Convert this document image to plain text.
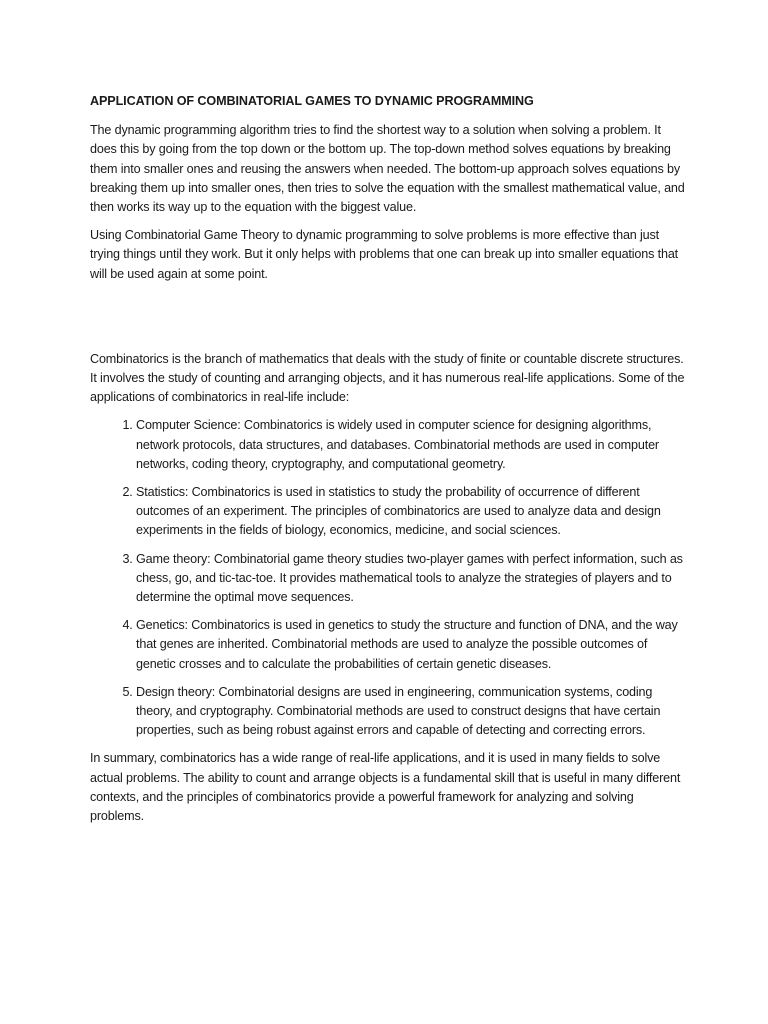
APPLICATION OF COMBINATORIAL GAMES TO DYNAMIC PROGRAMMING

The dynamic programming algorithm tries to find the shortest way to a solution when solving a problem. It does this by going from the top down or the bottom up. The top-down method solves equations by breaking them into smaller ones and reusing the answers when needed. The bottom-up approach solves equations by breaking them up into smaller ones, then tries to solve the equation with the smallest mathematical value, and then works its way up to the equation with the biggest value.

Using Combinatorial Game Theory to dynamic programming to solve problems is more effective than just trying things until they work. But it only helps with problems that one can break up into smaller equations that will be used again at some point.

Combinatorics is the branch of mathematics that deals with the study of finite or countable discrete structures. It involves the study of counting and arranging objects, and it has numerous real-life applications. Some of the applications of combinatorics in real-life include:

1. Computer Science: Combinatorics is widely used in computer science for designing algorithms, network protocols, data structures, and databases. Combinatorial methods are used in computer networks, coding theory, cryptography, and computational geometry.
2. Statistics: Combinatorics is used in statistics to study the probability of occurrence of different outcomes of an experiment. The principles of combinatorics are used to analyze data and design experiments in the fields of biology, economics, medicine, and social sciences.
3. Game theory: Combinatorial game theory studies two-player games with perfect information, such as chess, go, and tic-tac-toe. It provides mathematical tools to analyze the strategies of players and to determine the optimal move sequences.
4. Genetics: Combinatorics is used in genetics to study the structure and function of DNA, and the way that genes are inherited. Combinatorial methods are used to analyze the possible outcomes of genetic crosses and to calculate the probabilities of certain genetic diseases.
5. Design theory: Combinatorial designs are used in engineering, communication systems, coding theory, and cryptography. Combinatorial methods are used to construct designs that have certain properties, such as being robust against errors and capable of detecting and correcting errors.

In summary, combinatorics has a wide range of real-life applications, and it is used in many fields to solve actual problems. The ability to count and arrange objects is a fundamental skill that is useful in many different contexts, and the principles of combinatorics provide a powerful framework for analyzing and solving problems.
